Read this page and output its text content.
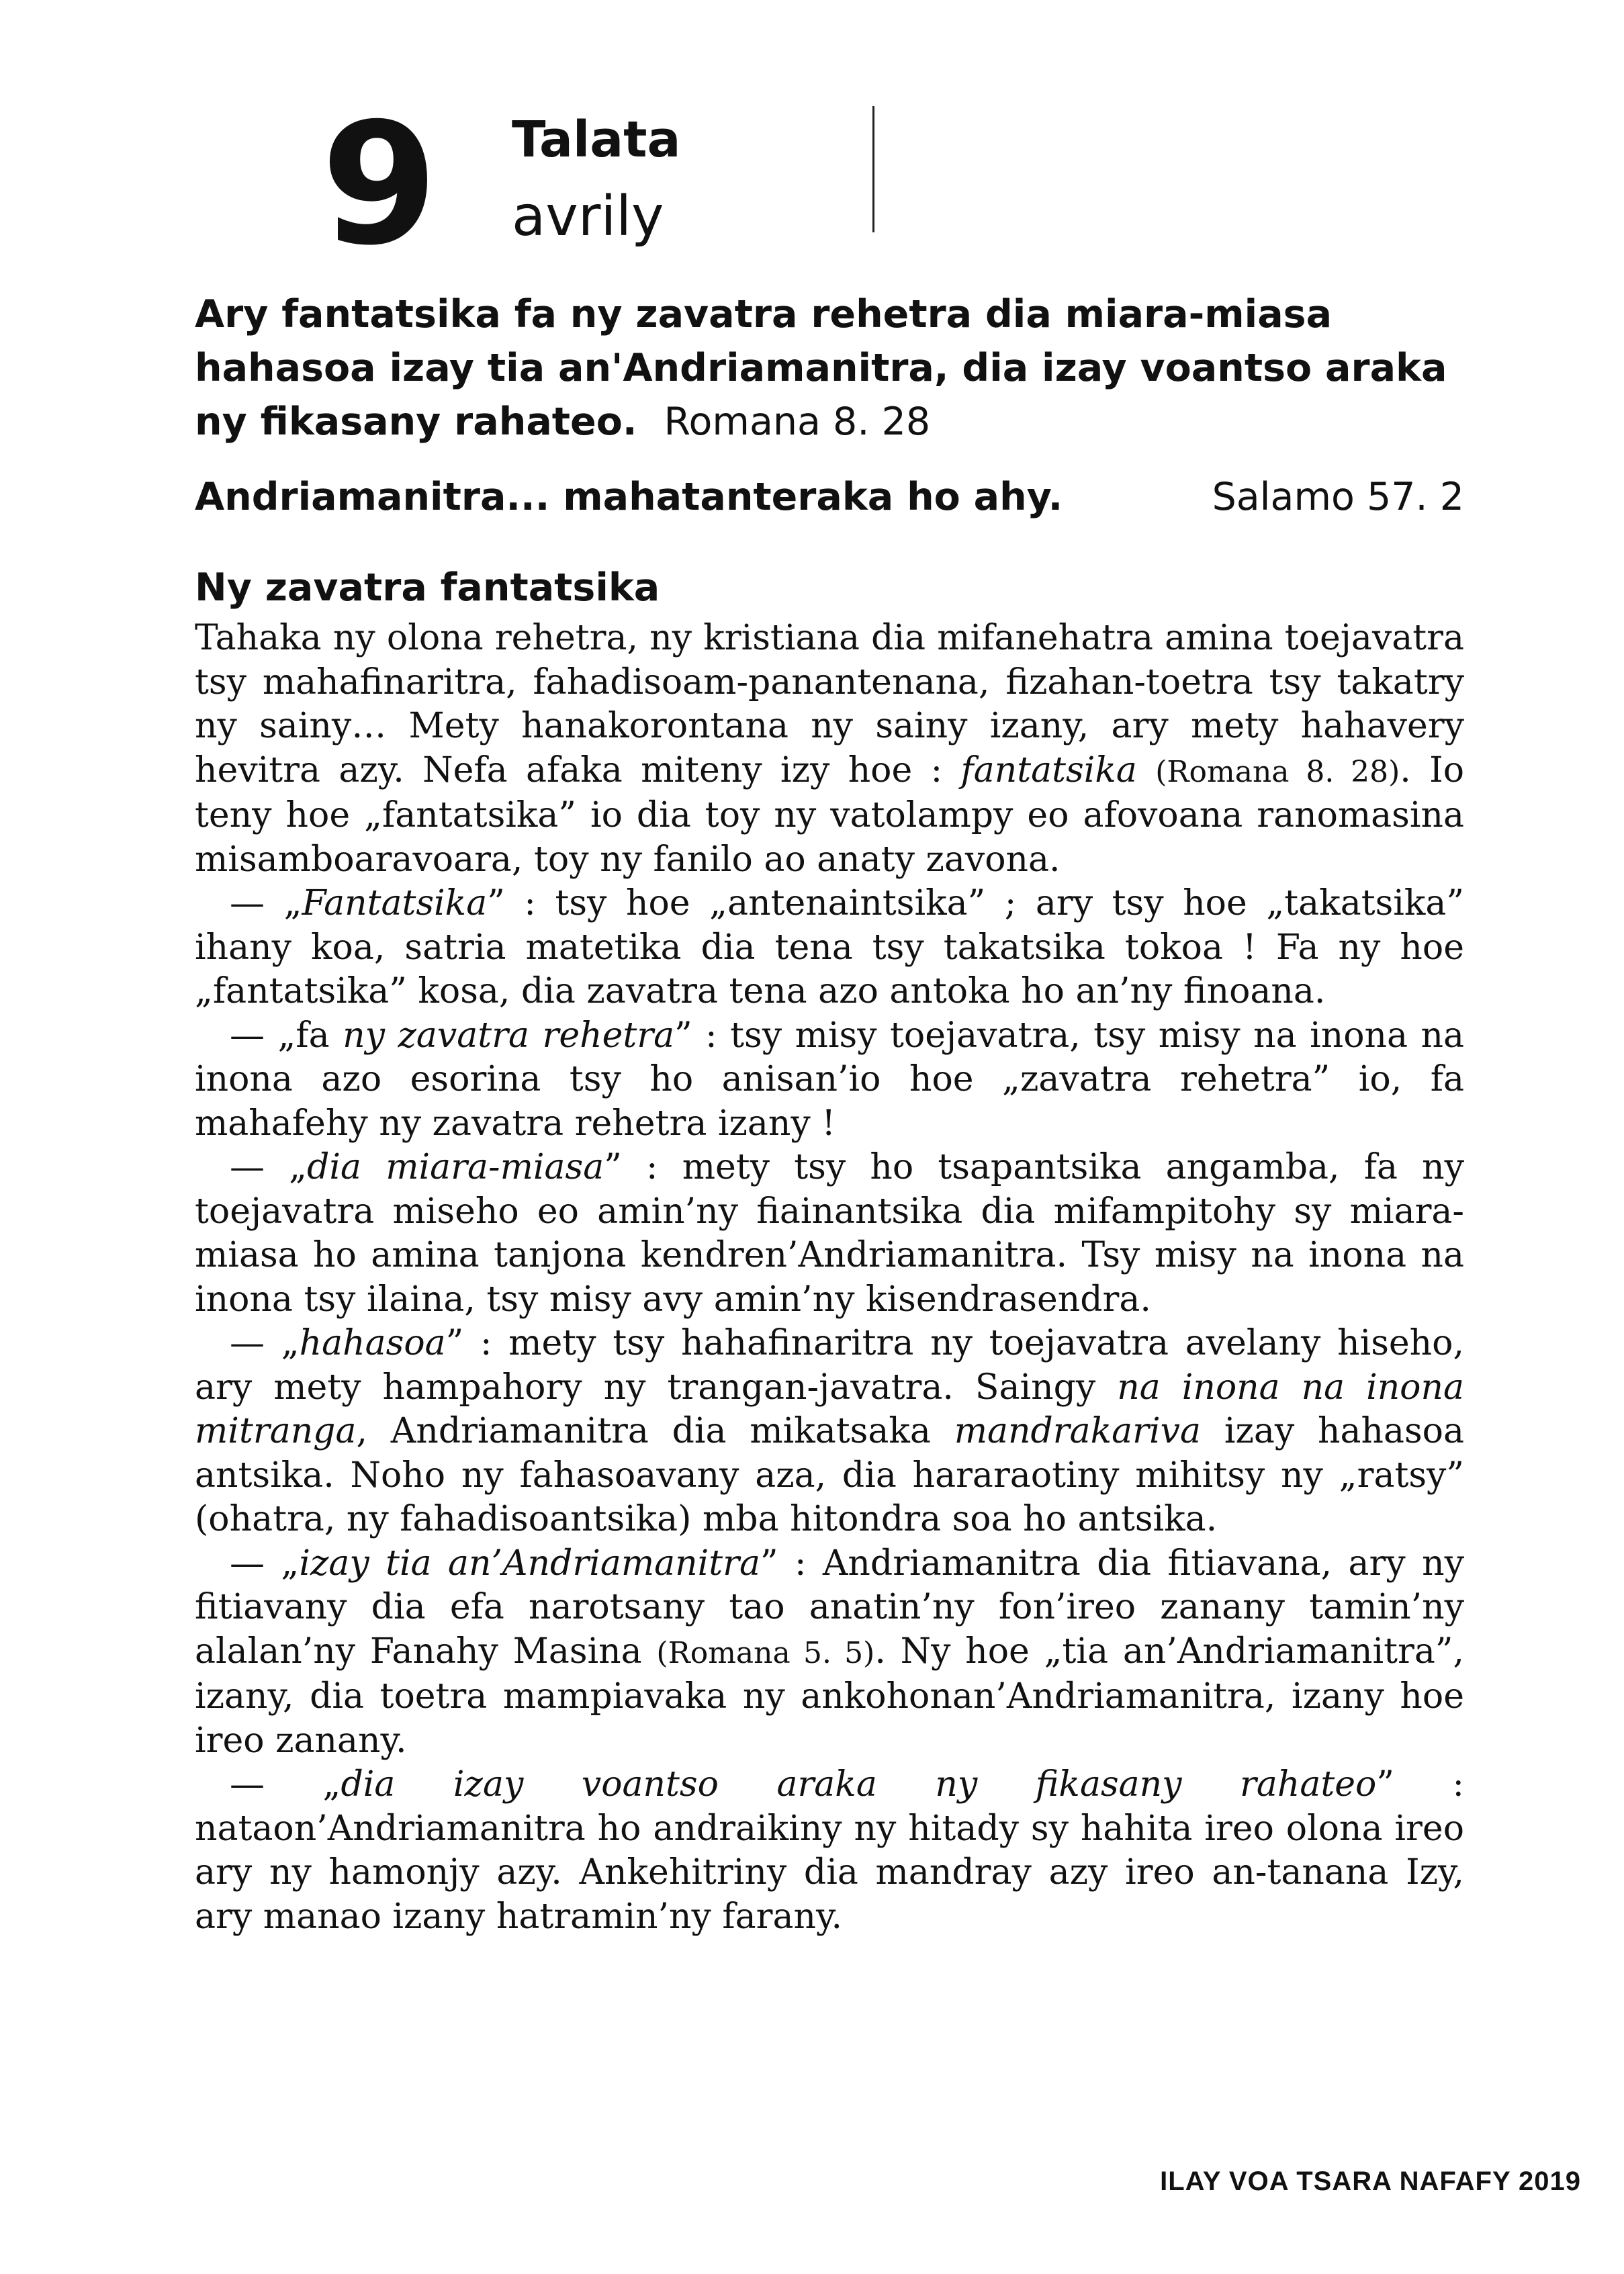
9 Talata
avrily
Ary fantatsika fa ny zavatra rehetra dia miara-miasa hahasoa izay tia an'Andriamanitra, dia izay voantso araka ny fikasany rahateo. Romana 8. 28
Andriamanitra... mahatanteraka ho ahy.	Salamo 57. 2
Ny zavatra fantatsika

Tahaka ny olona rehetra, ny kristiana dia mifanehatra amina toejavatra tsy mahafinaritra, fahadisoam-panantenana, fizahan-toetra tsy takatry ny sainy… Mety hanakorontana ny sainy izany, ary mety hahavery hevitra azy. Nefa afaka miteny izy hoe : fantatsika (Romana 8. 28). Io teny hoe „fantatsika” io dia toy ny vatolampy eo afovoana ranomasina misamboaravoara, toy ny fanilo ao anaty zavona.

— „Fantatsika” : tsy hoe „antenaintsika” ; ary tsy hoe „takatsika” ihany koa, satria matetika dia tena tsy takatsika tokoa ! Fa ny hoe „fantatsika” kosa, dia zavatra tena azo antoka ho an’ny finoana.

— „fa ny zavatra rehetra” : tsy misy toejavatra, tsy misy na inona na inona azo esorina tsy ho anisan’io hoe „zavatra rehetra” io, fa mahafehy ny zavatra rehetra izany !

— „dia miara-miasa” : mety tsy ho tsapantsika angamba, fa ny toejavatra miseho eo amin’ny fiainantsika dia mifampitohy sy miara-miasa ho amina tanjona kendren’Andriamanitra. Tsy misy na inona na inona tsy ilaina, tsy misy avy amin’ny kisendrasendra.

— „hahasoa” : mety tsy hahafinaritra ny toejavatra avelany hiseho, ary mety hampahory ny trangan-javatra. Saingy na inona na inona mitranga, Andriamanitra dia mikatsaka mandrakariva izay hahasoa antsika. Noho ny fahasoavany aza, dia hararaotiny mihitsy ny „ratsy” (ohatra, ny fahadisoantsika) mba hitondra soa ho antsika.

— „izay tia an’Andriamanitra” : Andriamanitra dia fitiavana, ary ny fitiavany dia efa narotsany tao anatin’ny fon’ireo zanany tamin’ny alalan’ny Fanahy Masina (Romana 5. 5). Ny hoe „tia an’Andriamanitra”, izany, dia toetra mampiavaka ny ankohonan’Andriamanitra, izany hoe ireo zanany.

— „dia izay voantso araka ny fikasany rahateo” : nataon’Andriamanitra ho andraikiny ny hitady sy hahita ireo olona ireo ary ny hamonjy azy. Ankehitriny dia mandray azy ireo an-tanana Izy, ary manao izany hatramin’ny farany.

ILAY VOA TSARA NAFAFY 2019
